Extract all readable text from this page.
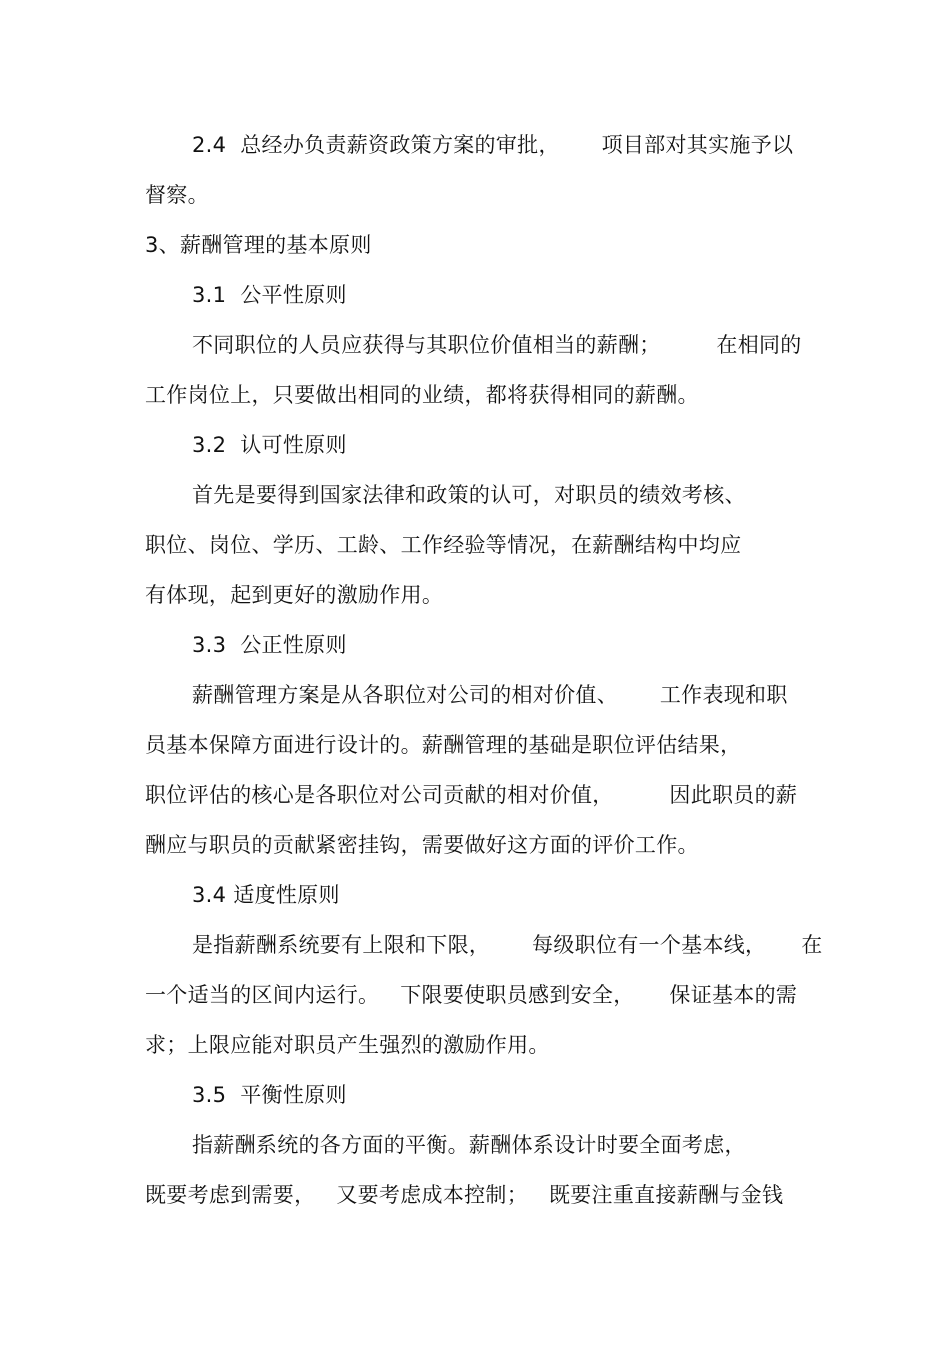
2.4  总经办负责薪资政策方案的审批，      项目部对其实施予以
督察。
3、薪酬管理的基本原则
3.1  公平性原则
不同职位的人员应获得与其职位价值相当的薪酬；        在相同的
工作岗位上，只要做出相同的业绩，都将获得相同的薪酬。
3.2  认可性原则
首先是要得到国家法律和政策的认可，对职员的绩效考核、
职位、岗位、学历、工龄、工作经验等情况，在薪酬结构中均应
有体现，起到更好的激励作用。
3.3  公正性原则
薪酬管理方案是从各职位对公司的相对价值、      工作表现和职
员基本保障方面进行设计的。薪酬管理的基础是职位评估结果，
职位评估的核心是各职位对公司贡献的相对价值，        因此职员的薪
酬应与职员的贡献紧密挂钩，需要做好这方面的评价工作。
3.4 适度性原则
是指薪酬系统要有上限和下限，      每级职位有一个基本线，     在
一个适当的区间内运行。   下限要使职员感到安全，     保证基本的需
求；上限应能对职员产生强烈的激励作用。
3.5  平衡性原则
指薪酬系统的各方面的平衡。薪酬体系设计时要全面考虑，
既要考虑到需要，   又要考虑成本控制；   既要注重直接薪酬与金钱
